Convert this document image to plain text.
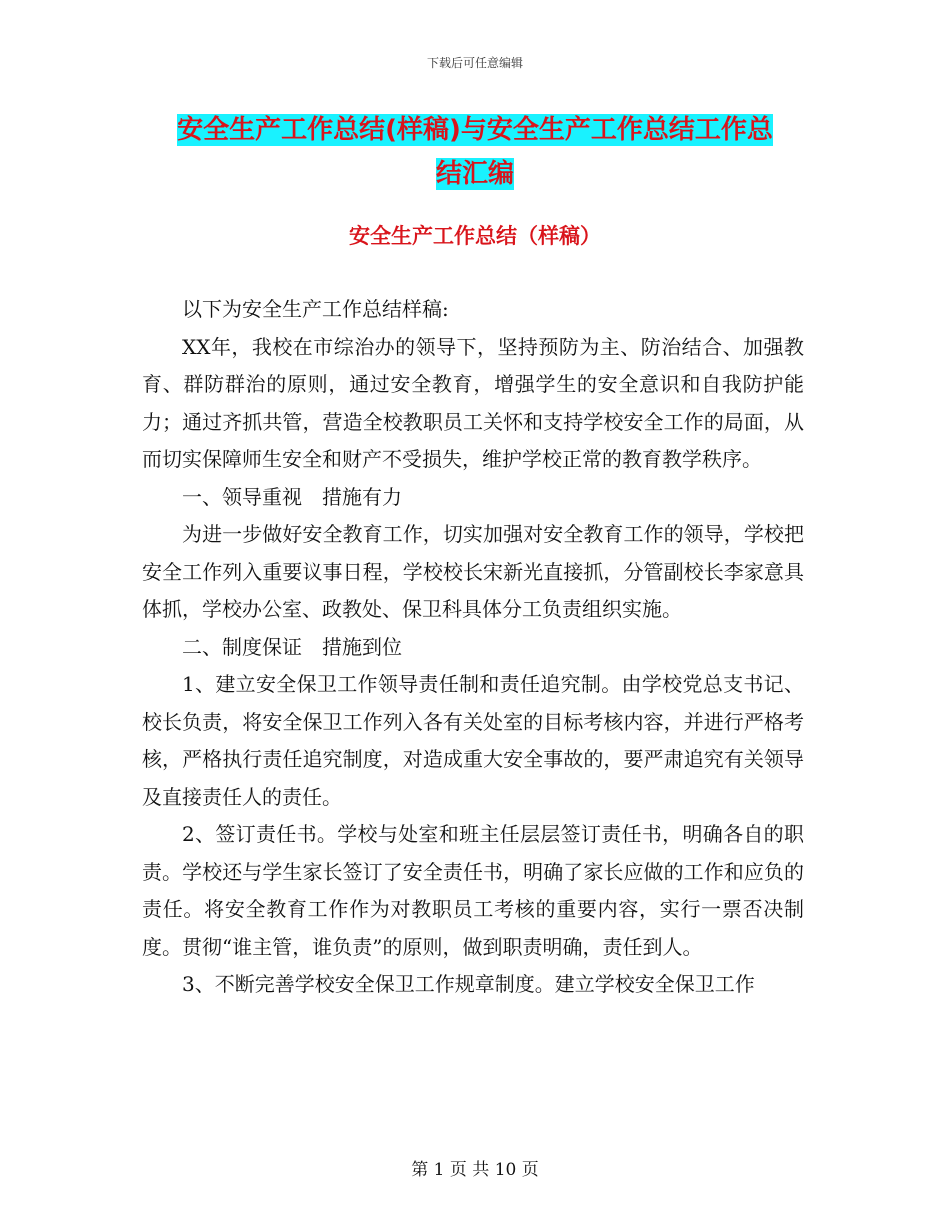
下载后可任意编辑
安全生产工作总结(样稿)与安全生产工作总结工作总
结汇编
安全生产工作总结（样稿）

以下为安全生产工作总结样稿:

XX年，我校在市综治办的领导下，坚持预防为主、防治结合、加强教育、群防群治的原则，通过安全教育，增强学生的安全意识和自我防护能力；通过齐抓共管，营造全校教职员工关怀和支持学校安全工作的局面，从而切实保障师生安全和财产不受损失，维护学校正常的教育教学秩序。

一、领导重视　措施有力

为进一步做好安全教育工作，切实加强对安全教育工作的领导，学校把安全工作列入重要议事日程，学校校长宋新光直接抓，分管副校长李家意具体抓，学校办公室、政教处、保卫科具体分工负责组织实施。

二、制度保证　措施到位

1、建立安全保卫工作领导责任制和责任追究制。由学校党总支书记、校长负责，将安全保卫工作列入各有关处室的目标考核内容，并进行严格考核，严格执行责任追究制度，对造成重大安全事故的，要严肃追究有关领导及直接责任人的责任。

2、签订责任书。学校与处室和班主任层层签订责任书，明确各自的职责。学校还与学生家长签订了安全责任书，明确了家长应做的工作和应负的责任。将安全教育工作作为对教职员工考核的重要内容，实行一票否决制度。贯彻“谁主管，谁负责”的原则，做到职责明确，责任到人。

3、不断完善学校安全保卫工作规章制度。建立学校安全保卫工作

第 1 页 共 10 页
